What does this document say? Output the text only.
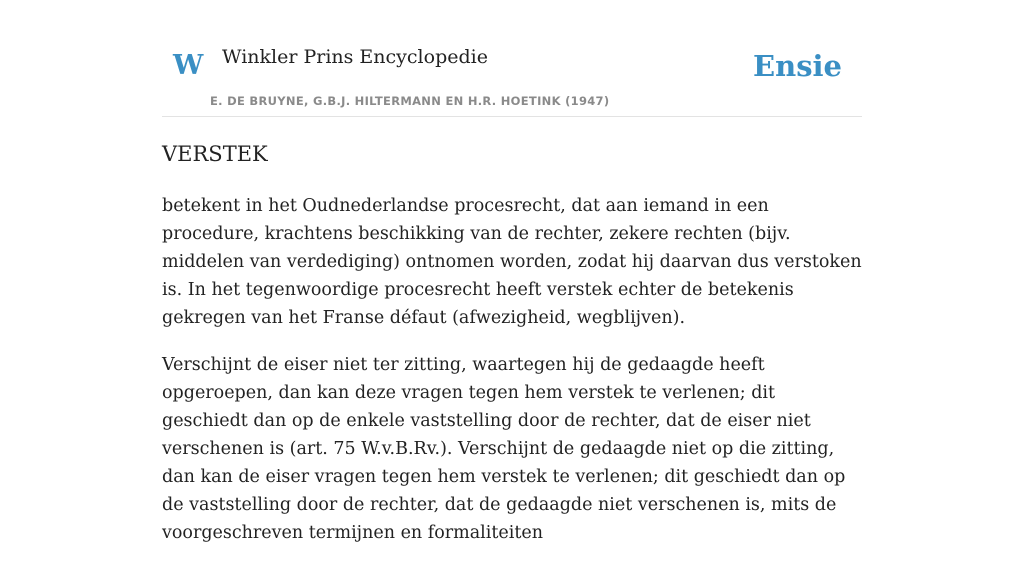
W Winkler Prins Encyclopedie
E. DE BRUYNE, G.B.J. HILTERMANN EN H.R. HOETINK (1947)
Ensie
VERSTEK

betekent in het Oudnederlandse procesrecht, dat aan iemand in een procedure, krachtens beschikking van de rechter, zekere rechten (bijv. middelen van verdediging) ontnomen worden, zodat hij daarvan dus verstoken is. In het tegenwoordige procesrecht heeft verstek echter de betekenis gekregen van het Franse défaut (afwezigheid, wegblijven).

Verschijnt de eiser niet ter zitting, waartegen hij de gedaagde heeft opgeroepen, dan kan deze vragen tegen hem verstek te verlenen; dit geschiedt dan op de enkele vaststelling door de rechter, dat de eiser niet verschenen is (art. 75 W.v.B.Rv.). Verschijnt de gedaagde niet op die zitting, dan kan de eiser vragen tegen hem verstek te verlenen; dit geschiedt dan op de vaststelling door de rechter, dat de gedaagde niet verschenen is, mits de voorgeschreven termijnen en formaliteiten
